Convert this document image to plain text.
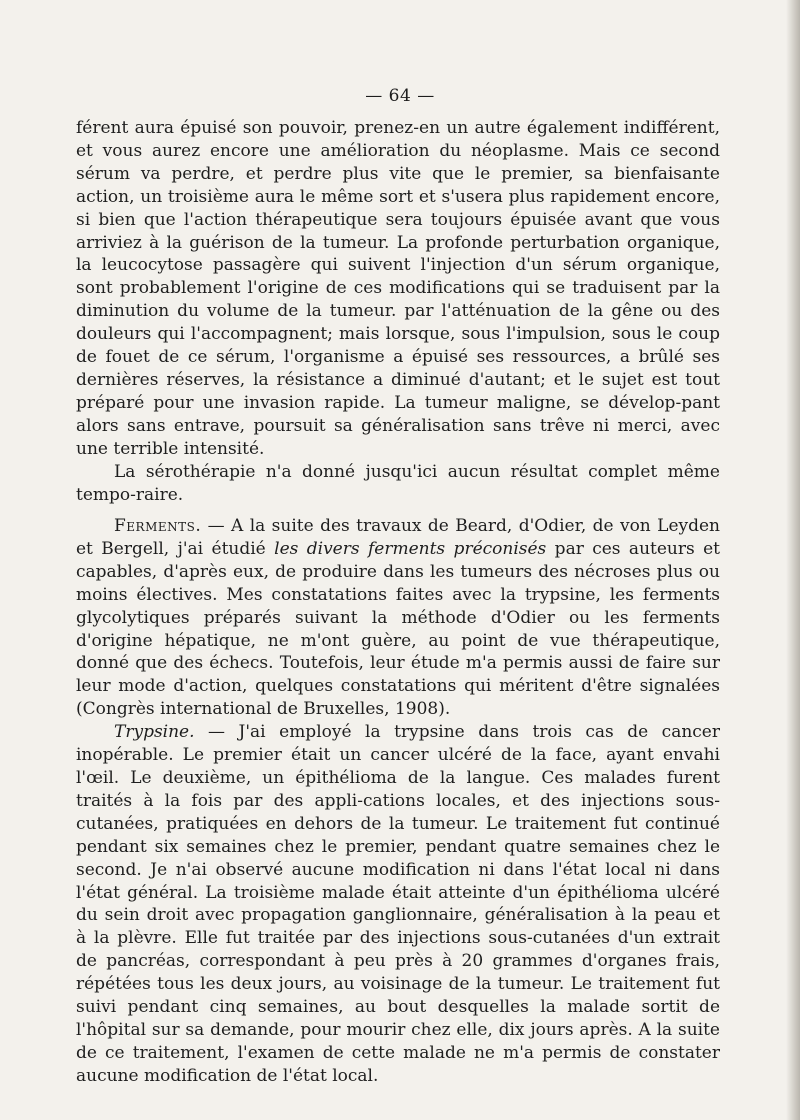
— 64 —

férent aura épuisé son pouvoir, prenez-en un autre également indifférent, et vous aurez encore une amélioration du néoplasme. Mais ce second sérum va perdre, et perdre plus vite que le premier, sa bienfaisante action, un troisième aura le même sort et s'usera plus rapidement encore, si bien que l'action thérapeutique sera toujours épuisée avant que vous arriviez à la guérison de la tumeur. La profonde perturbation organique, la leucocytose passagère qui suivent l'injection d'un sérum organique, sont probablement l'origine de ces modifications qui se traduisent par la diminution du volume de la tumeur. par l'atténuation de la gêne ou des douleurs qui l'accompagnent; mais lorsque, sous l'impulsion, sous le coup de fouet de ce sérum, l'organisme a épuisé ses ressources, a brûlé ses dernières réserves, la résistance a diminué d'autant; et le sujet est tout préparé pour une invasion rapide. La tumeur maligne, se dévelop-pant alors sans entrave, poursuit sa généralisation sans trêve ni merci, avec une terrible intensité.

La sérothérapie n'a donné jusqu'ici aucun résultat complet même tempo-raire.

Ferments. — A la suite des travaux de Beard, d'Odier, de von Leyden et Bergell, j'ai étudié les divers ferments préconisés par ces auteurs et capables, d'après eux, de produire dans les tumeurs des nécroses plus ou moins électives. Mes constatations faites avec la trypsine, les ferments glycolytiques préparés suivant la méthode d'Odier ou les ferments d'origine hépatique, ne m'ont guère, au point de vue thérapeutique, donné que des échecs. Toutefois, leur étude m'a permis aussi de faire sur leur mode d'action, quelques constatations qui méritent d'être signalées (Congrès international de Bruxelles, 1908).

Trypsine. — J'ai employé la trypsine dans trois cas de cancer inopérable. Le premier était un cancer ulcéré de la face, ayant envahi l'œil. Le deuxième, un épithélioma de la langue. Ces malades furent traités à la fois par des appli-cations locales, et des injections sous-cutanées, pratiquées en dehors de la tumeur. Le traitement fut continué pendant six semaines chez le premier, pendant quatre semaines chez le second. Je n'ai observé aucune modification ni dans l'état local ni dans l'état général. La troisième malade était atteinte d'un épithélioma ulcéré du sein droit avec propagation ganglionnaire, généralisation à la peau et à la plèvre. Elle fut traitée par des injections sous-cutanées d'un extrait de pancréas, correspondant à peu près à 20 grammes d'organes frais, répétées tous les deux jours, au voisinage de la tumeur. Le traitement fut suivi pendant cinq semaines, au bout desquelles la malade sortit de l'hôpital sur sa demande, pour mourir chez elle, dix jours après. A la suite de ce traitement, l'examen de cette malade ne m'a permis de constater aucune modification de l'état local.
